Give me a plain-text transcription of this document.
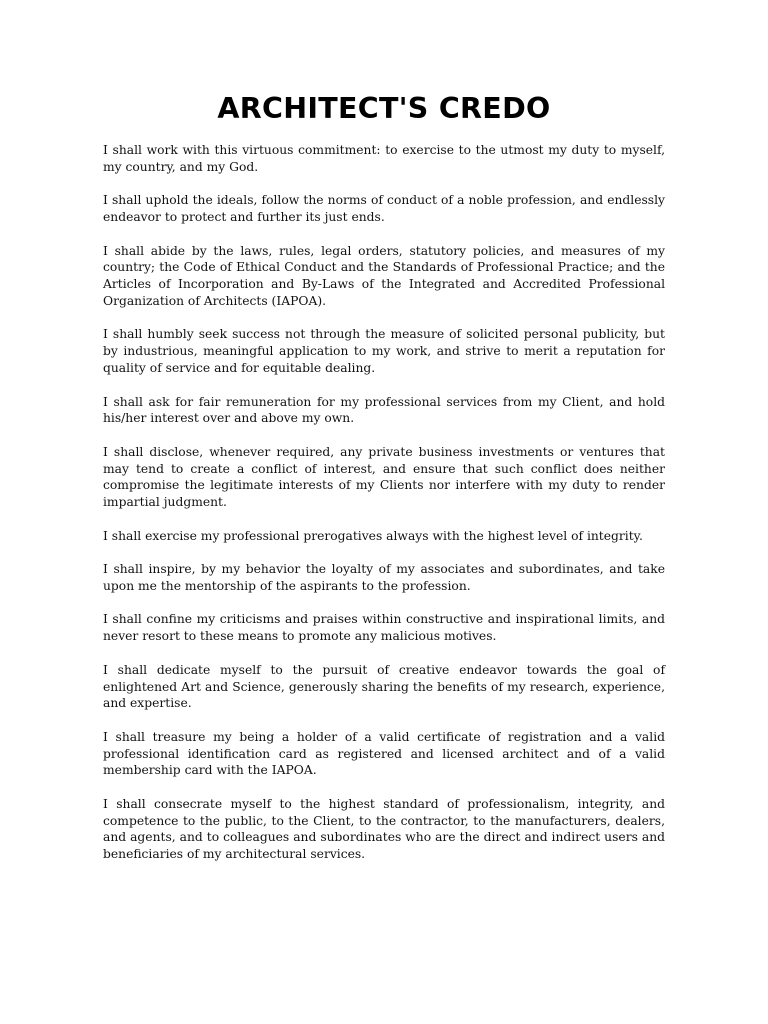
ARCHITECT'S CREDO

I shall work with this virtuous commitment: to exercise to the utmost my duty to myself, my country, and my God.

I shall uphold the ideals, follow the norms of conduct of a noble profession, and endlessly endeavor to protect and further its just ends.

I shall abide by the laws, rules, legal orders, statutory policies, and measures of my country; the Code of Ethical Conduct and the Standards of Professional Practice; and the Articles of Incorporation and By-Laws of the Integrated and Accredited Professional Organization of Architects (IAPOA).

I shall humbly seek success not through the measure of solicited personal publicity, but by industrious, meaningful application to my work, and strive to merit a reputation for quality of service and for equitable dealing.

I shall ask for fair remuneration for my professional services from my Client, and hold his/her interest over and above my own.

I shall disclose, whenever required, any private business investments or ventures that may tend to create a conflict of interest, and ensure that such conflict does neither compromise the legitimate interests of my Clients nor interfere with my duty to render impartial judgment.

I shall exercise my professional prerogatives always with the highest level of integrity.

I shall inspire, by my behavior the loyalty of my associates and subordinates, and take upon me the mentorship of the aspirants to the profession.

I shall confine my criticisms and praises within constructive and inspirational limits, and never resort to these means to promote any malicious motives.

I shall dedicate myself to the pursuit of creative endeavor towards the goal of enlightened Art and Science, generously sharing the benefits of my research, experience, and expertise.

I shall treasure my being a holder of a valid certificate of registration and a valid professional identification card as registered and licensed architect and of a valid membership card with the IAPOA.

I shall consecrate myself to the highest standard of professionalism, integrity, and competence to the public, to the Client, to the contractor, to the manufacturers, dealers, and agents, and to colleagues and subordinates who are the direct and indirect users and beneficiaries of my architectural services.
